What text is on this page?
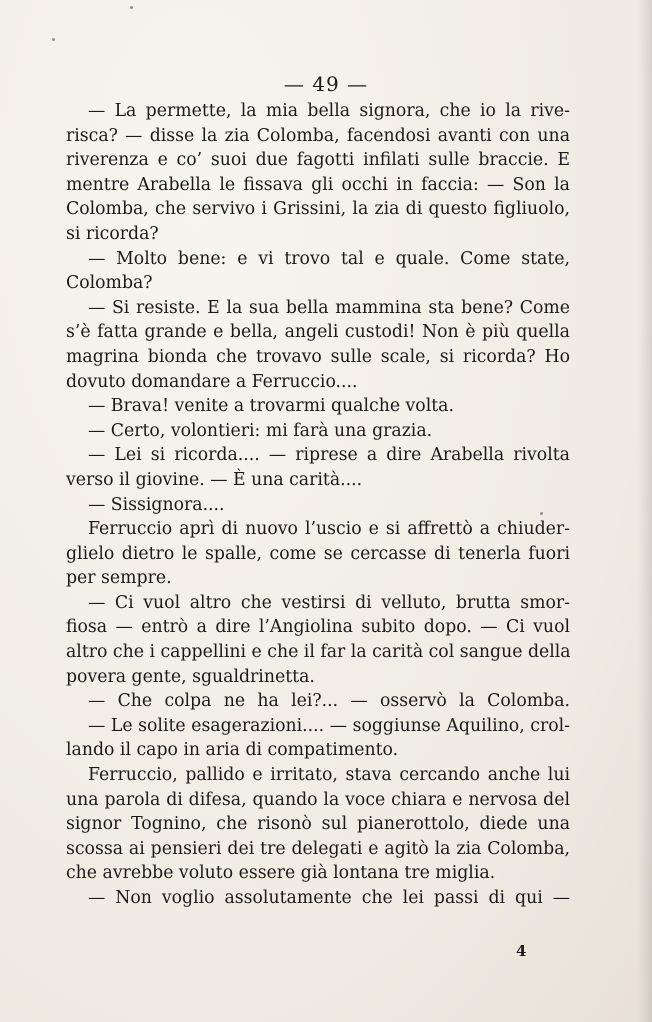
— 49 —
— La permette, la mia bella signora, che io la rive-
risca? — disse la zia Colomba, facendosi avanti con una
riverenza e co’ suoi due fagotti infilati sulle braccie. E
mentre Arabella le fissava gli occhi in faccia: — Son la
Colomba, che servivo i Grissini, la zia di questo figliuolo,
si ricorda?
— Molto bene: e vi trovo tal e quale. Come state,
Colomba?
— Si resiste. E la sua bella mammina sta bene? Come
s’è fatta grande e bella, angeli custodi! Non è più quella
magrina bionda che trovavo sulle scale, si ricorda? Ho
dovuto domandare a Ferruccio....
— Brava! venite a trovarmi qualche volta.
— Certo, volontieri: mi farà una grazia.
— Lei si ricorda.... — riprese a dire Arabella rivolta
verso il giovine. — È una carità....
— Sissignora....
Ferruccio aprì di nuovo l’uscio e si affrettò a chiuder-
glielo dietro le spalle, come se cercasse di tenerla fuori
per sempre.
— Ci vuol altro che vestirsi di velluto, brutta smor-
fiosa — entrò a dire l’Angiolina subito dopo. — Ci vuol
altro che i cappellini e che il far la carità col sangue della
povera gente, sgualdrinetta.
— Che colpa ne ha lei?... — osservò la Colomba.
— Le solite esagerazioni.... — soggiunse Aquilino, crol-
lando il capo in aria di compatimento.
Ferruccio, pallido e irritato, stava cercando anche lui
una parola di difesa, quando la voce chiara e nervosa del
signor Tognino, che risonò sul pianerottolo, diede una
scossa ai pensieri dei tre delegati e agitò la zia Colomba,
che avrebbe voluto essere già lontana tre miglia.
— Non voglio assolutamente che lei passi di qui —
4
